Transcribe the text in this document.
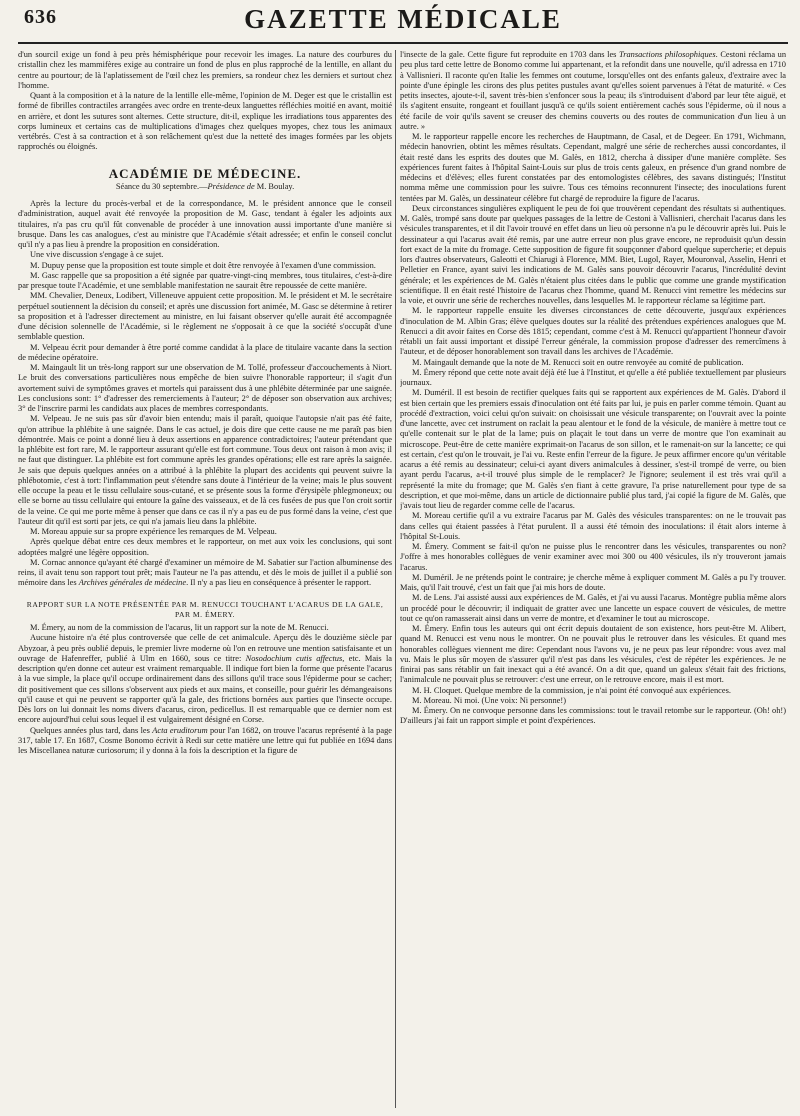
636	GAZETTE MÉDICALE

d'un sourcil exige un fond à peu près hémisphérique pour recevoir les images. La nature des courbures du cristallin chez les mammifères exige au contraire un fond de plus en plus rapproché de la lentille, en allant du centre au pourtour; de là l'aplatissement de l'œil chez les premiers, sa rondeur chez les derniers et surtout chez l'homme.

Quant à la composition et à la nature de la lentille elle-même, l'opinion de M. Deger est que le cristallin est formé de fibrilles contractiles arrangées avec ordre en trente-deux languettes réfléchies moitié en avant, moitié en arrière, et dont les sutures sont alternes. Cette structure, dit-il, explique les irradiations tous apparentes des corps lumineux et certains cas de multiplications d'images chez quelques myopes, chez tous les animaux vertébrés. C'est à sa contraction et à son relâchement qu'est due la netteté des images formées par les objets rapprochés ou éloignés.

ACADÉMIE DE MÉDECINE.
Séance du 30 septembre.—Présidence de M. Boulay.

Après la lecture du procès-verbal et de la correspondance, M. le président annonce que le conseil d'administration, auquel avait été renvoyée la proposition de M. Gasc, tendant à égaler les adjoints aux titulaires, n'a pas cru qu'il fût convenable de procéder à une innovation aussi importante d'une manière si brusque. Dans les cas analogues, c'est au ministre que l'Académie s'était adressée; et enfin le conseil conclut qu'il n'y a pas lieu à prendre la proposition en considération.

Une vive discussion s'engage à ce sujet.

M. Dupuy pense que la proposition est toute simple et doit être renvoyée à l'examen d'une commission.

M. Gasc rappelle que sa proposition a été signée par quatre-vingt-cinq membres, tous titulaires, c'est-à-dire par presque toute l'Académie, et une semblable manifestation ne saurait être repoussée de cette manière.

MM. Chevalier, Deneux, Lodibert, Villeneuve appuient cette proposition. M. le président et M. le secrétaire perpétuel soutiennent la décision du conseil; et après une discussion fort animée, M. Gasc se détermine à retirer sa proposition et à l'adresser directement au ministre, en lui faisant observer qu'elle aurait été accompagnée d'une décision solennelle de l'Académie, si le règlement ne s'opposait à ce que la société s'occupât d'une semblable question.

M. Velpeau écrit pour demander à être porté comme candidat à la place de titulaire vacante dans la section de médecine opératoire.

M. Maingault lit un très-long rapport sur une observation de M. Tollé, professeur d'accouchements à Niort. Le bruit des conversations particulières nous empêche de bien suivre l'honorable rapporteur; il s'agit d'un avortement suivi de symptômes graves et mortels qui paraissent dus à une phlébite déterminée par une saignée. Les conclusions sont: 1° d'adresser des remerciements à l'auteur; 2° de déposer son observation aux archives; 3° de l'inscrire parmi les candidats aux places de membres correspondants.

M. Velpeau. Je ne suis pas sûr d'avoir bien entendu; mais il paraît, quoique l'autopsie n'ait pas été faite, qu'on attribue la phlébite à une saignée. Dans le cas actuel, je dois dire que cette cause ne me paraît pas bien démontrée. Mais ce point a donné lieu à deux assertions en apparence contradictoires; l'auteur prétendant que la phlébite est fort rare, M. le rapporteur assurant qu'elle est fort commune. Tous deux ont raison à mon avis; il ne faut que distinguer. La phlébite est fort commune après les grandes opérations; elle est rare après la saignée. Je sais que depuis quelques années on a attribué à la phlébite la plupart des accidents qui peuvent suivre la phlébotomie, c'est à tort: l'inflammation peut s'étendre sans doute à l'intérieur de la veine; mais le plus souvent elle occupe la peau et le tissu cellulaire sous-cutané, et se présente sous la forme d'érysipèle phlegmoneux; ou elle se borne au tissu cellulaire qui entoure la gaîne des vaisseaux, et de là ces fusées de pus que l'on croit sortir de la veine. Ce qui me porte même à penser que dans ce cas il n'y a pas eu de pus formé dans la veine, c'est que l'auteur dit qu'il est sorti par jets, ce qui n'a jamais lieu dans la phlébite.

M. Moreau appuie sur sa propre expérience les remarques de M. Velpeau.

Après quelque débat entre ces deux membres et le rapporteur, on met aux voix les conclusions, qui sont adoptées malgré une légère opposition.

M. Cornac annonce qu'ayant été chargé d'examiner un mémoire de M. Sabatier sur l'action albuminense des reins, il avait tenu son rapport tout prêt; mais l'auteur ne l'a pas attendu, et dès le mois de juillet il a publié son mémoire dans les Archives générales de médecine. Il n'y a pas lieu en conséquence à présenter le rapport.

RAPPORT SUR LA NOTE PRÉSENTÉE PAR M. RENUCCI TOUCHANT L'ACARUS DE LA GALE, PAR M. ÉMERY.

M. Émery, au nom de la commission de l'acarus, lit un rapport sur la note de M. Renucci.

Aucune histoire n'a été plus controversée que celle de cet animalcule. Aperçu dès le douzième siècle par Abyzoar, à peu près oublié depuis, le premier livre moderne où l'on en retrouve une mention satisfaisante et un ouvrage de Hafenreffer, publié à Ulm en 1660, sous ce titre: Nosodochium cutis affectus, etc. Mais la description qu'en donne cet auteur est vraiment remarquable. Il indique fort bien la forme que présente l'acarus à la vue simple, la place qu'il occupe ordinairement dans des sillons qu'il trace sous l'épiderme pour se cacher; dit positivement que ces sillons s'observent aux pieds et aux mains, et conseille, pour guérir les démangeaisons qu'il cause et qui ne peuvent se rapporter qu'à la gale, des frictions bornées aux parties que l'insecte occupe. Dès lors on lui donnait les noms divers d'acarus, ciron, pedicellus. Il est remarquable que ce dernier nom est encore aujourd'hui celui sous lequel il est vulgairement désigné en Corse.

Quelques années plus tard, dans les Acta eruditorum pour l'an 1682, on trouve l'acarus représenté à la page 317, table 17. En 1687, Cosme Bonomo écrivit à Redi sur cette matière une lettre qui fut publiée en 1694 dans les Miscellanea naturæ curiosorum; il y donna à la fois la description et la figure de

l'insecte de la gale. Cette figure fut reproduite en 1703 dans les Transactions philosophiques. Cestoni réclama un peu plus tard cette lettre de Bonomo comme lui appartenant, et la refondit dans une nouvelle, qu'il adressa en 1710 à Vallisnieri. Il raconte qu'en Italie les femmes ont coutume, lorsqu'elles ont des enfants galeux, d'extraire avec la pointe d'une épingle les cirons des plus petites pustules avant qu'elles soient parvenues à l'état de maturité. « Ces petits insectes, ajoute-t-il, savent très-bien s'enfoncer sous la peau; ils s'introduisent d'abord par leur tête aiguë, et ils s'agitent ensuite, rongeant et fouillant jusqu'à ce qu'ils soient entièrement cachés sous l'épiderme, où il nous a été facile de voir qu'ils savent se creuser des chemins couverts ou des routes de communication d'un lieu à un autre. »

M. le rapporteur rappelle encore les recherches de Hauptmann, de Casal, et de Degeer. En 1791, Wichmann, médecin hanovrien, obtint les mêmes résultats. Cependant, malgré une série de recherches aussi concordantes, il était resté dans les esprits des doutes que M. Galès, en 1812, chercha à dissiper d'une manière complète. Ses expériences furent faites à l'hôpital Saint-Louis sur plus de trois cents galeux, en présence d'un grand nombre de médecins et d'élèves; elles furent constatées par des entomologistes célèbres, des savans distingués; l'Institut nomma même une commission pour les suivre. Tous ces témoins reconnurent l'insecte; des inoculations furent tentées par M. Galès, un dessinateur célèbre fut chargé de reproduire la figure de l'acarus.

Deux circonstances singulières expliquent le peu de foi que trouvèrent cependant des résultats si authentiques. M. Galès, trompé sans doute par quelques passages de la lettre de Cestoni à Vallisnieri, cherchait l'acarus dans les vésicules transparentes, et il dit l'avoir trouvé en effet dans un lieu où personne n'a pu le découvrir après lui. Puis le dessinateur a qui l'acarus avait été remis, par une autre erreur non plus grave encore, ne reproduisit qu'un dessin fort exact de la mite du fromage. Cette supposition de figure fit soupçonner d'abord quelque supercherie; et depuis lors d'autres observateurs, Galeotti et Chiarugi à Florence, MM. Biet, Lugol, Rayer, Mouronval, Asselin, Henri et Pelletier en France, ayant suivi les indications de M. Galès sans pouvoir découvrir l'acarus, l'incrédulité devint générale; et les expériences de M. Galès n'étaient plus citées dans le public que comme une grande mystification scientifique. Il en était resté l'histoire de l'acarus chez l'homme, quand M. Renucci vint remettre les médecins sur la voie, et ouvrir une série de recherches nouvelles, dans lesquelles M. le rapporteur réclame sa légitime part.

M. le rapporteur rappelle ensuite les diverses circonstances de cette découverte, jusqu'aux expériences d'inoculation de M. Albin Gras; élève quelques doutes sur la réalité des prétendues expériences analogues que M. Renucci a dit avoir faites en Corse dès 1815; cependant, comme c'est à M. Renucci qu'appartient l'honneur d'avoir rétabli un fait aussi important et dissipé l'erreur générale, la commission propose d'adresser des remercîmens à l'auteur, et de déposer honorablement son travail dans les archives de l'Académie.

M. Maingault demande que la note de M. Renucci soit en outre renvoyée au comité de publication.

M. Émery répond que cette note avait déjà été lue à l'Institut, et qu'elle a été publiée textuellement par plusieurs journaux.

M. Duméril. Il est besoin de rectifier quelques faits qui se rapportent aux expériences de M. Galès. D'abord il est bien certain que les premiers essais d'inoculation ont été faits par lui, je puis en parler comme témoin. Quant au procédé d'extraction, voici celui qu'on suivait: on choisissait une vésicule transparente; on l'ouvrait avec la pointe d'une lancette, avec cet instrument on raclait la peau alentour et le fond de la vésicule, de manière à mettre tout ce qu'elle contenait sur le plat de la lame; puis on plaçait le tout dans un verre de montre que l'on examinait au microscope. Peut-être de cette manière exprimait-on l'acarus de son sillon, et le ramenait-on sur la lancette; ce qui est certain, c'est qu'on le trouvait, je l'ai vu. Reste enfin l'erreur de la figure. Je peux affirmer encore qu'un véritable acarus a été remis au dessinateur; celui-ci ayant divers animalcules à dessiner, s'est-il trompé de verre, ou bien ayant perdu l'acarus, a-t-il trouvé plus simple de le remplacer? Je l'ignore; seulement il est très vrai qu'il a représenté la mite du fromage; que M. Galès s'en fiant à cette gravure, l'a prise naturellement pour type de sa description, et que moi-même, dans un article de dictionnaire publié plus tard, j'ai copié la figure de M. Galès, que j'avais tout lieu de regarder comme celle de l'acarus.

M. Moreau certifie qu'il a vu extraire l'acarus par M. Galès des vésicules transparentes: on ne le trouvait pas dans celles qui étaient passées à l'état purulent. Il a aussi été témoin des inoculations: il était alors interne à l'hôpital St-Louis.

M. Émery. Comment se fait-il qu'on ne puisse plus le rencontrer dans les vésicules, transparentes ou non? J'offre à mes honorables collègues de venir examiner avec moi 300 ou 400 vésicules, ils n'y trouveront jamais l'acarus.

M. Duméril. Je ne prétends point le contraire; je cherche même à expliquer comment M. Galès a pu l'y trouver. Mais, qu'il l'ait trouvé, c'est un fait que j'ai mis hors de doute.

M. de Lens. J'ai assisté aussi aux expériences de M. Galès, et j'ai vu aussi l'acarus. Montègre publia même alors un procédé pour le découvrir; il indiquait de gratter avec une lancette un espace couvert de vésicules, de mettre tout ce qu'on ramasserait ainsi dans un verre de montre, et d'examiner le tout au microscope.

M. Émery. Enfin tous les auteurs qui ont écrit depuis doutaient de son existence, hors peut-être M. Alibert, quand M. Renucci est venu nous le montrer. On ne pouvait plus le retrouver dans les vésicules. Et quand mes honorables collègues viennent me dire: Cependant nous l'avons vu, je ne peux pas leur répondre: vous avez mal vu. Mais le plus sûr moyen de s'assurer qu'il n'est pas dans les vésicules, c'est de répéter les expériences. Je ne finirai pas sans rétablir un fait inexact qui a été avancé. On a dit que, quand un galeux s'était fait des frictions, l'animalcule ne pouvait plus se retrouver: c'est une erreur, on le retrouve encore, mais il est mort.

M. H. Cloquet. Quelque membre de la commission, je n'ai point été convoqué aux expériences.

M. Moreau. Ni moi. (Une voix: Ni personne!)

M. Émery. On ne convoque personne dans les commissions: tout le travail retombe sur le rapporteur. (Oh! oh!) D'ailleurs j'ai fait un rapport simple et point d'expériences.
